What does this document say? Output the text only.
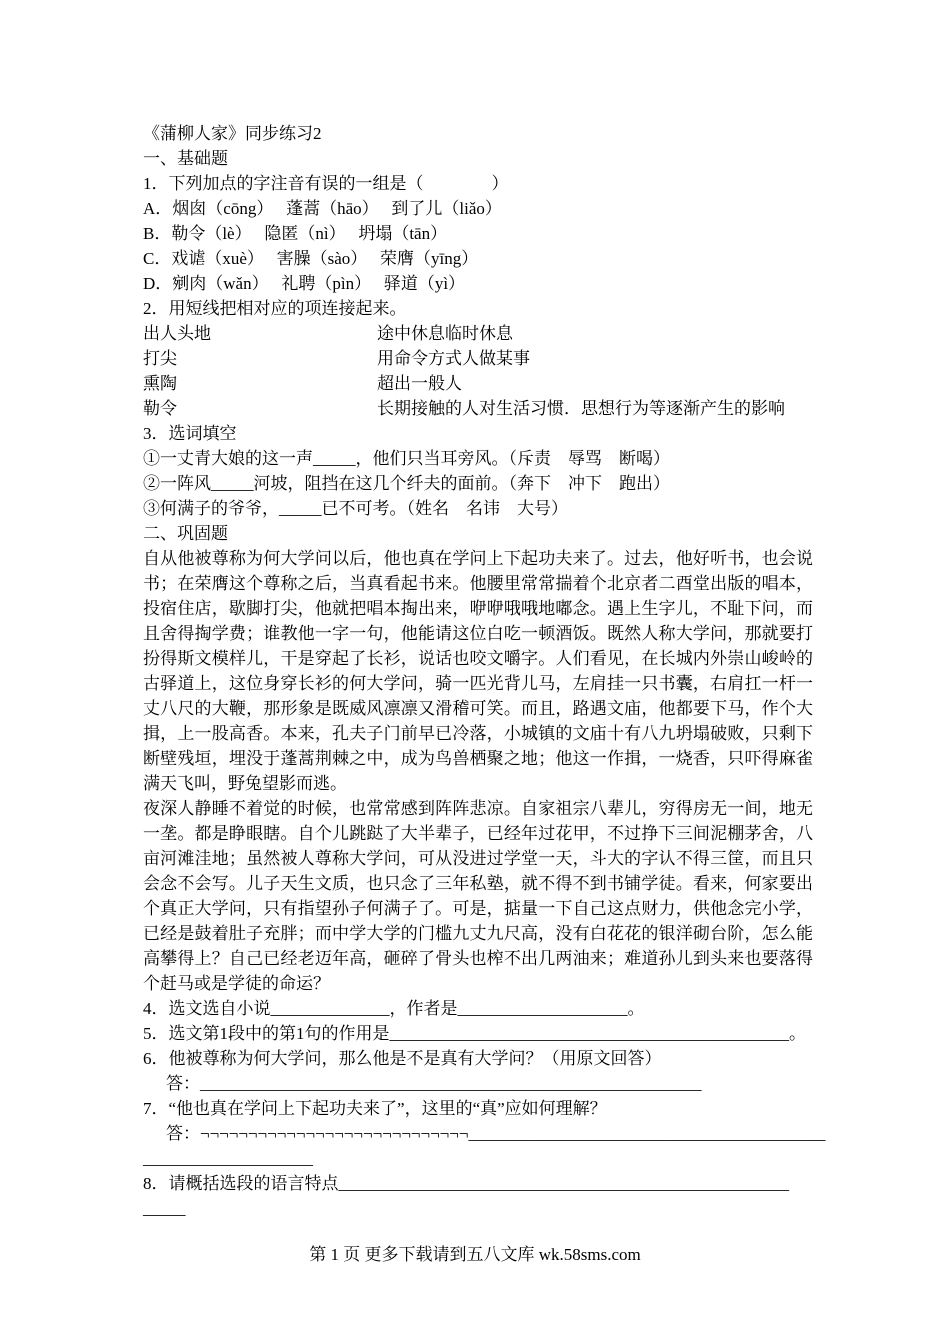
《蒲柳人家》同步练习2
一、基础题
1．下列加点的字注音有误的一组是（　　　　）
A．烟囱（cōng）　 蓬蒿（hāo）　 到了儿（liǎo）
B．勒令（lè）　 隐匿（nì）　 坍塌（tān）
C．戏谑（xuè）　 害臊（sào）　 荣膺（yīng）
D．剜肉（wǎn）　 礼聘（pìn）　 驿道（yì）
2．用短线把相对应的项连接起来。
出人头地	途中休息临时休息
打尖	用命令方式人做某事
熏陶	超出一般人
勒令	长期接触的人对生活习惯．思想行为等逐渐产生的影响
3．选词填空
①一丈青大娘的这一声_____，他们只当耳旁风。（斥责　辱骂　断喝）
②一阵风_____河坡，阻挡在这几个纤夫的面前。（奔下　冲下　跑出）
③何满子的爷爷，_____已不可考。（姓名　名讳　大号）
二、巩固题

自从他被尊称为何大学问以后，他也真在学问上下起功夫来了。过去，他好听书，也会说书；在荣膺这个尊称之后，当真看起书来。他腰里常常揣着个北京者二酉堂出版的唱本，投宿住店，歇脚打尖，他就把唱本掏出来，咿咿哦哦地嘟念。遇上生字儿，不耻下问，而且舍得掏学费；谁教他一字一句，他能请这位白吃一顿酒饭。既然人称大学问，那就要打扮得斯文模样儿，干是穿起了长衫，说话也咬文嚼字。人们看见，在长城内外崇山峻岭的古驿道上，这位身穿长衫的何大学问，骑一匹光背儿马，左肩挂一只书囊，右肩扛一杆一丈八尺的大鞭，那形象是既威风凛凛又滑稽可笑。而且，路遇文庙，他都要下马，作个大揖，上一股高香。本来，孔夫子门前早已冷落，小城镇的文庙十有八九坍塌破败，只剩下断壁残垣，埋没于蓬蒿荆棘之中，成为鸟兽栖聚之地；他这一作揖，一烧香，只吓得麻雀满天飞叫，野兔望影而逃。

夜深人静睡不着觉的时候，也常常感到阵阵悲凉。自家祖宗八辈儿，穷得房无一间，地无一垄。都是睁眼瞎。自个儿跳跶了大半辈子，已经年过花甲，不过挣下三间泥棚茅舍，八亩河滩洼地；虽然被人尊称大学问，可从没进过学堂一天，斗大的字认不得三筐，而且只会念不会写。儿子天生文质，也只念了三年私塾，就不得不到书铺学徒。看来，何家要出个真正大学问，只有指望孙子何满子了。可是，掂量一下自己这点财力，供他念完小学，已经是鼓着肚子充胖；而中学大学的门槛九丈九尺高，没有白花花的银洋砌台阶，怎么能高攀得上？自己已经老迈年高，砸碎了骨头也榨不出几两油来；难道孙儿到头来也要落得个赶马或是学徒的命运？

4．选文选自小说______________，作者是____________________。
5．选文第1段中的第1句的作用是_______________________________________________。
6．他被尊称为何大学问，那么他是不是真有大学问？（用原文回答）
答：___________________________________________________________
7．“他也真在学问上下起功夫来了”，这里的“真”应如何理解？
答：¬¬¬¬¬¬¬¬¬¬¬¬¬¬¬¬¬¬¬¬¬¬¬¬¬¬¬¬__________________________________________
____________________
8．请概括选段的语言特点_____________________________________________________
_____
第 1 页 更多下载请到五八文库 wk.58sms.com
